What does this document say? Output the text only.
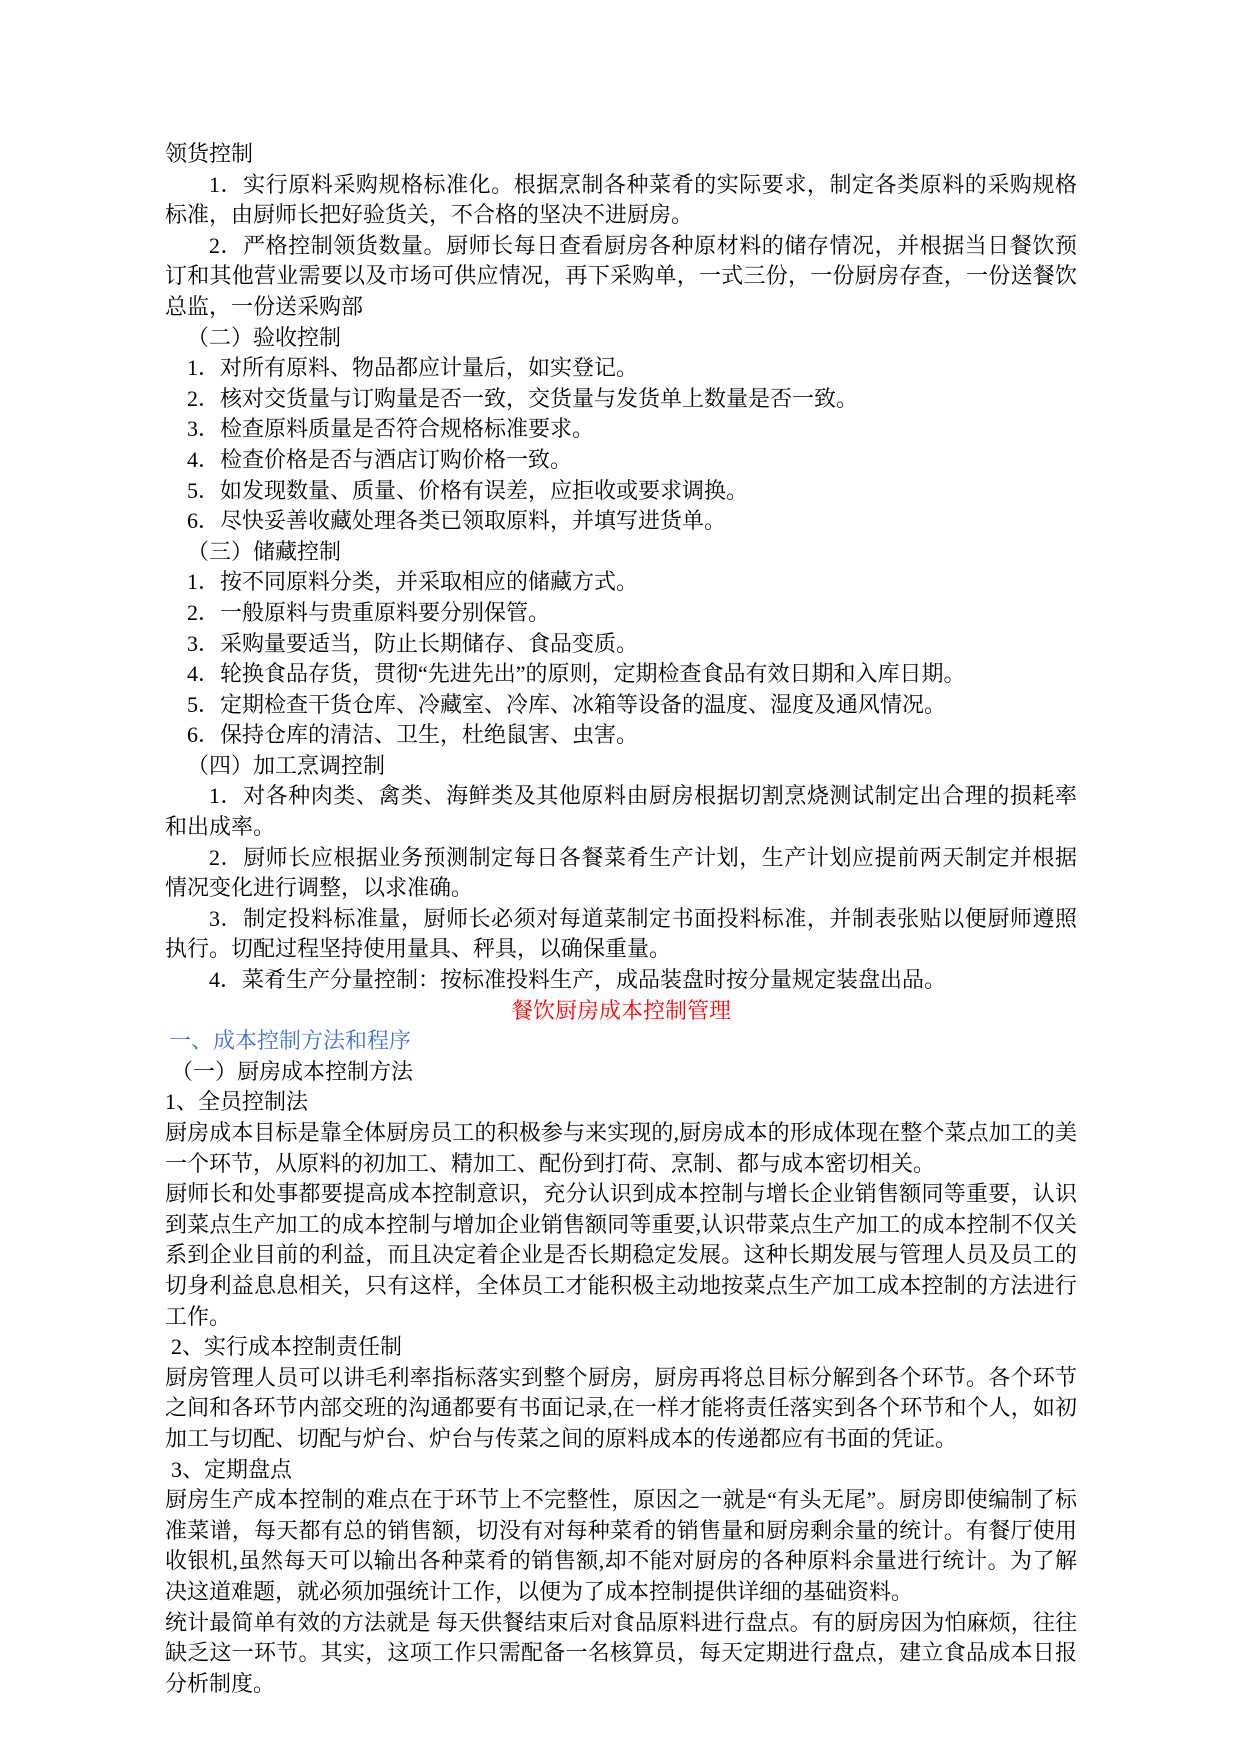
领货控制

1．实行原料采购规格标准化。根据烹制各种菜肴的实际要求，制定各类原料的采购规格标准，由厨师长把好验货关，不合格的坚决不进厨房。

2．严格控制领货数量。厨师长每日查看厨房各种原材料的储存情况，并根据当日餐饮预订和其他营业需要以及市场可供应情况，再下采购单，一式三份，一份厨房存查，一份送餐饮总监，一份送采购部

（二）验收控制

1．对所有原料、物品都应计量后，如实登记。

2．核对交货量与订购量是否一致，交货量与发货单上数量是否一致。

3．检查原料质量是否符合规格标准要求。

4．检查价格是否与酒店订购价格一致。

5．如发现数量、质量、价格有误差，应拒收或要求调换。

6．尽快妥善收藏处理各类已领取原料，并填写进货单。

（三）储藏控制

1．按不同原料分类，并采取相应的储藏方式。

2．一般原料与贵重原料要分别保管。

3．采购量要适当，防止长期储存、食品变质。

4．轮换食品存货，贯彻“先进先出”的原则，定期检查食品有效日期和入库日期。

5．定期检查干货仓库、冷藏室、冷库、冰箱等设备的温度、湿度及通风情况。

6．保持仓库的清洁、卫生，杜绝鼠害、虫害。

（四）加工烹调控制

1．对各种肉类、禽类、海鲜类及其他原料由厨房根据切割烹烧测试制定出合理的损耗率和出成率。

2．厨师长应根据业务预测制定每日各餐菜肴生产计划，生产计划应提前两天制定并根据情况变化进行调整，以求准确。

3．制定投料标准量，厨师长必须对每道菜制定书面投料标准，并制表张贴以便厨师遵照执行。切配过程坚持使用量具、秤具，以确保重量。

4．菜肴生产分量控制：按标准投料生产，成品装盘时按分量规定装盘出品。

餐饮厨房成本控制管理

一、成本控制方法和程序

（一）厨房成本控制方法

1、全员控制法

厨房成本目标是靠全体厨房员工的积极参与来实现的,厨房成本的形成体现在整个菜点加工的美一个环节，从原料的初加工、精加工、配份到打荷、烹制、都与成本密切相关。

厨师长和处事都要提高成本控制意识，充分认识到成本控制与增长企业销售额同等重要，认识到菜点生产加工的成本控制与增加企业销售额同等重要,认识带菜点生产加工的成本控制不仅关系到企业目前的利益，而且决定着企业是否长期稳定发展。这种长期发展与管理人员及员工的切身利益息息相关，只有这样，全体员工才能积极主动地按菜点生产加工成本控制的方法进行工作。

2、实行成本控制责任制

厨房管理人员可以讲毛利率指标落实到整个厨房，厨房再将总目标分解到各个环节。各个环节之间和各环节内部交班的沟通都要有书面记录,在一样才能将责任落实到各个环节和个人，如初加工与切配、切配与炉台、炉台与传菜之间的原料成本的传递都应有书面的凭证。

3、定期盘点

厨房生产成本控制的难点在于环节上不完整性，原因之一就是“有头无尾”。厨房即使编制了标准菜谱，每天都有总的销售额，切没有对每种菜肴的销售量和厨房剩余量的统计。有餐厅使用收银机,虽然每天可以输出各种菜肴的销售额,却不能对厨房的各种原料余量进行统计。为了解决这道难题，就必须加强统计工作，以便为了成本控制提供详细的基础资料。

统计最简单有效的方法就是 每天供餐结束后对食品原料进行盘点。有的厨房因为怕麻烦，往往缺乏这一环节。其实，这项工作只需配备一名核算员，每天定期进行盘点，建立食品成本日报分析制度。
